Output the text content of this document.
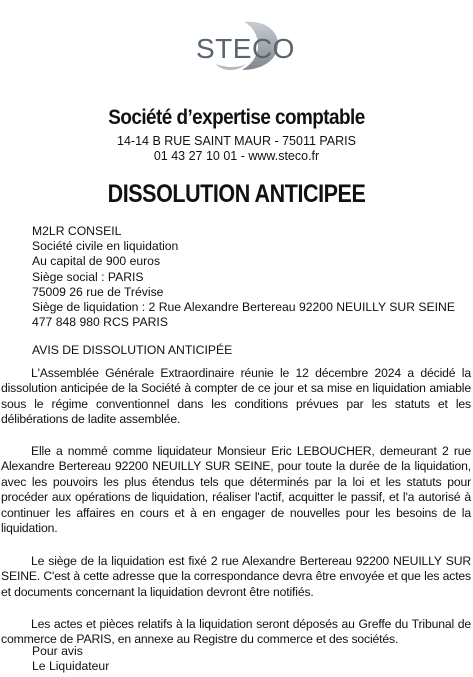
STECO
Société d’expertise comptable
14-14 B RUE SAINT MAUR - 75011 PARIS
01 43 27 10 01 - www.steco.fr
DISSOLUTION ANTICIPEE
M2LR CONSEIL
Société civile en liquidation
Au capital de 900 euros
Siège social : PARIS
75009 26 rue de Trévise
Siège de liquidation : 2 Rue Alexandre Bertereau 92200 NEUILLY SUR SEINE
477 848 980 RCS PARIS
AVIS DE DISSOLUTION ANTICIPÉE

L'Assemblée Générale Extraordinaire réunie le 12 décembre 2024 a décidé la dissolution anticipée de la Société à compter de ce jour et sa mise en liquidation amiable sous le régime conventionnel dans les conditions prévues par les statuts et les délibérations de ladite assemblée.

Elle a nommé comme liquidateur Monsieur Eric LEBOUCHER, demeurant 2 rue Alexandre Bertereau 92200 NEUILLY SUR SEINE, pour toute la durée de la liquidation, avec les pouvoirs les plus étendus tels que déterminés par la loi et les statuts pour procéder aux opérations de liquidation, réaliser l'actif, acquitter le passif, et l'a autorisé à continuer les affaires en cours et à en engager de nouvelles pour les besoins de la liquidation.

Le siège de la liquidation est fixé 2 rue Alexandre Bertereau 92200 NEUILLY SUR SEINE. C'est à cette adresse que la correspondance devra être envoyée et que les actes et documents concernant la liquidation devront être notifiés.

Les actes et pièces relatifs à la liquidation seront déposés au Greffe du Tribunal de commerce de PARIS, en annexe au Registre du commerce et des sociétés.

Pour avis
Le Liquidateur
